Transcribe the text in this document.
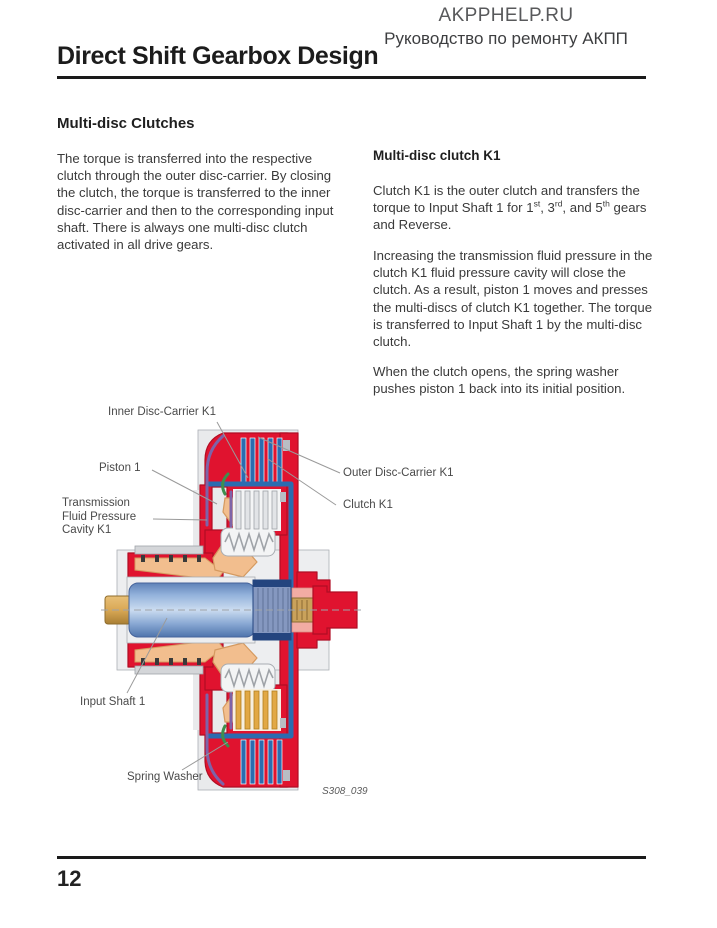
AKPPHELP.RU
Руководство по ремонту АКПП
Direct Shift Gearbox Design
Multi-disc Clutches
The torque is transferred into the respective clutch through the outer disc-carrier. By closing the clutch, the torque is transferred to the inner disc-carrier and then to the corresponding input shaft. There is always one multi-disc clutch activated in all drive gears.
Multi-disc clutch K1
Clutch K1 is the outer clutch and transfers the torque to Input Shaft 1 for 1st, 3rd, and 5th gears and Reverse.
Increasing the transmission fluid pressure in the clutch K1 fluid pressure cavity will close the clutch. As a result, piston 1 moves and presses the multi-discs of clutch K1 together. The torque is transferred to Input Shaft 1 by the multi-disc clutch.
When the clutch opens, the spring washer pushes piston 1 back into its initial position.
Inner Disc-Carrier K1
Piston 1
Transmission Fluid Pressure Cavity K1
Outer Disc-Carrier K1
Clutch K1
Input Shaft 1
Spring Washer
S308_039
12
